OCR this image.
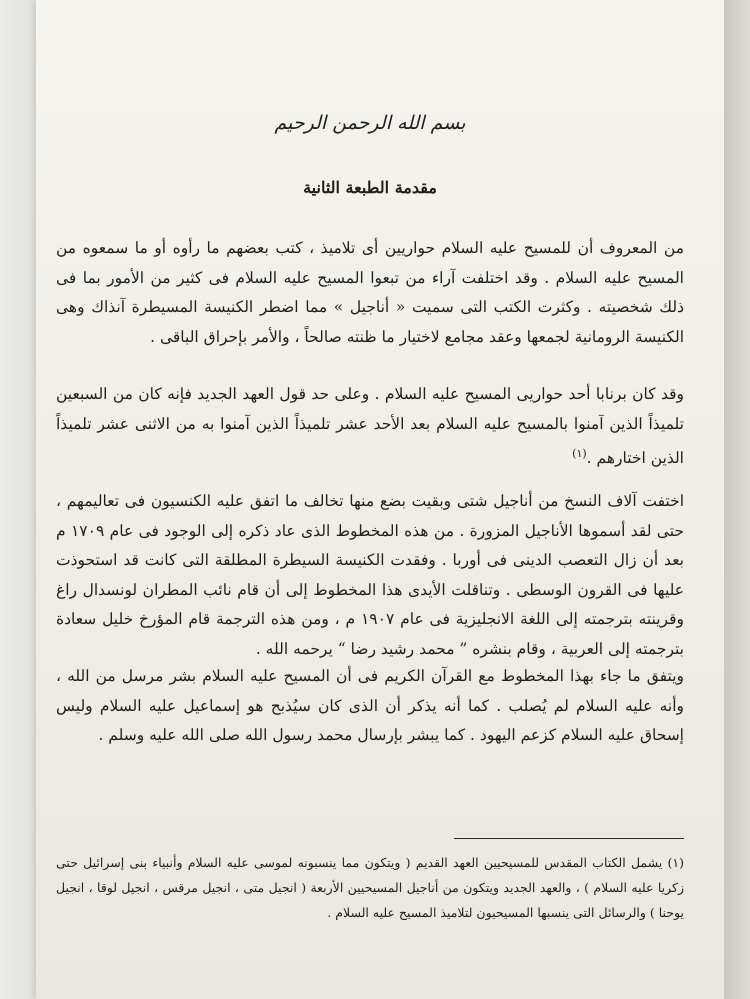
بسم الله الرحمن الرحيم
مقدمة الطبعة الثانية

من المعروف أن للمسيح عليه السلام حواريين أى تلاميذ ، كتب بعضهم ما رأوه أو ما سمعوه من المسيح عليه السلام . وقد اختلفت آراء من تبعوا المسيح عليه السلام فى كثير من الأمور بما فى ذلك شخصيته . وكثرت الكتب التى سميت « أناجيل » مما اضطر الكنيسة المسيطرة آنذاك وهى الكنيسة الرومانية لجمعها وعقد مجامع لاختيار ما ظنته صالحاً ، والأمر بإحراق الباقى .

وقد كان برنابا أحد حواريى المسيح عليه السلام . وعلى حد قول العهد الجديد فإنه كان من السبعين تلميذاً الذين آمنوا بالمسيح عليه السلام بعد الأحد عشر تلميذاً الذين آمنوا به من الاثنى عشر تلميذاً الذين اختارهم .$^{(١)}$

اختفت آلاف النسخ من أناجيل شتى وبقيت بضع منها تخالف ما اتفق عليه الكنسيون فى تعاليمهم ، حتى لقد أسموها الأناجيل المزورة . من هذه المخطوط الذى عاد ذكره إلى الوجود فى عام ١٧٠٩ م بعد أن زال التعصب الدينى فى أوربا . وفقدت الكنيسة السيطرة المطلقة التى كانت قد استحوذت عليها فى القرون الوسطى . وتناقلت الأيدى هذا المخطوط إلى أن قام نائب المطران لونسدال راغ وقرينته بترجمته إلى اللغة الانجليزية فى عام ١٩٠٧ م ، ومن هذه الترجمة قام المؤرخ خليل سعادة بترجمته إلى العربية ، وقام بنشره ” محمد رشيد رضا “ يرحمه الله .

ويتفق ما جاء بهذا المخطوط مع القرآن الكريم فى أن المسيح عليه السلام بشر مرسل من الله ، وأنه عليه السلام لم يُصلب . كما أنه يذكر أن الذى كان سيُذبح هو إسماعيل عليه السلام وليس إسحاق عليه السلام كزعم اليهود . كما يبشر بإرسال محمد رسول الله صلى الله عليه وسلم .

(١) يشمل الكتاب المقدس للمسيحيين العهد القديم ( ويتكون مما ينسبونه لموسى عليه السلام وأنبياء بنى إسرائيل حتى زكريا عليه السلام ) ، والعهد الجديد ويتكون من أناجيل المسيحيين الأربعة ( انجيل متى ، انجيل مرقس ، انجيل لوقا ، انجيل يوحنا ) والرسائل التى ينسبها المسيحيون لتلاميذ المسيح عليه السلام .
